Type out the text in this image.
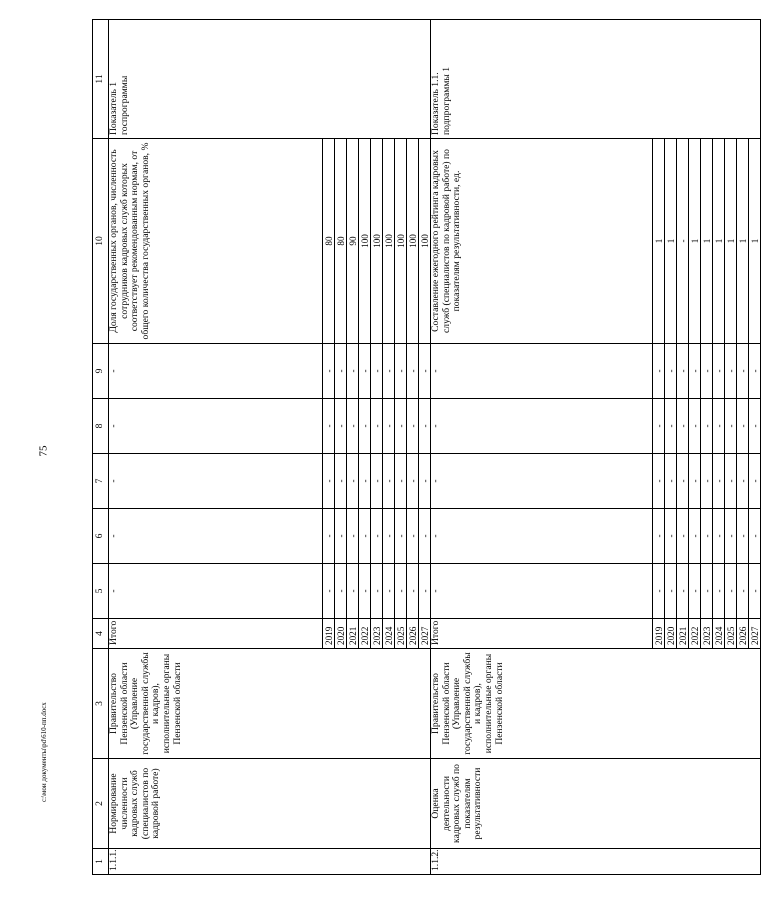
75
1	2	3	4	5	6	7	8	9	10	11
1.1.1.	Нормирование численности кадровых служб (специалистов по кадровой работе)	Правительство Пензенской области (Управление государственной службы и кадров), исполнительные органы Пензенской области	Итого	-	-	-	-	-	Доля государственных органов, численность сотрудников кадровых служб которых соответствует рекомендованным нормам, от общего количества государственных органов, %	Показатель 1 госпрограммы
			2019	-	-	-	-	-	80	
			2020	-	-	-	-	-	80	
			2021	-	-	-	-	-	90	
			2022	-	-	-	-	-	100	
			2023	-	-	-	-	-	100	
			2024	-	-	-	-	-	100	
			2025	-	-	-	-	-	100	
			2026	-	-	-	-	-	100	
			2027	-	-	-	-	-	100	
1.1.2.	Оценка деятельности кадровых служб по показателям результативности	Правительство Пензенской области (Управление государственной службы и кадров), исполнительные органы Пензенской области	Итого	-	-	-	-	-	Составление ежегодного рейтинга кадровых служб (специалистов по кадровой работе) по показателям результативности, ед.	Показатель 1.1. подпрограммы 1
			2019	-	-	-	-	-	1	
			2020	-	-	-	-	-	1	
			2021	-	-	-	-	-	-	
			2022	-	-	-	-	-	1	
			2023	-	-	-	-	-	1	
			2024	-	-	-	-	-	1	
			2025	-	-	-	-	-	1	
			2026	-	-	-	-	-	1	
			2027	-	-	-	-	-	1	
c:\мои документы\рd\610-пп.docx
